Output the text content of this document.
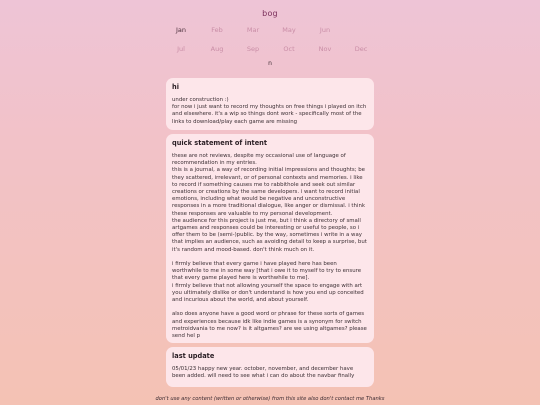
bog
Jan	Feb	Mar	May	Jun
Jul	Aug	Sep	Oct	Nov	Dec
n
hi

under construction :)
for now i just want to record my thoughts on free things i played on itch and elsewhere. it's a wip so things dont work - specifically most of the links to download/play each game are missing

quick statement of intent

these are not reviews, despite my occasional use of language of recommendation in my entries.
this is a journal, a way of recording initial impressions and thoughts; be they scattered, irrelevant, or of personal contexts and memories. i like to record if something causes me to rabbithole and seek out similar creations or creations by the same developers. i want to record initial emotions, including what would be negative and unconstructive responses in a more traditional dialogue, like anger or dismissal. i think these responses are valuable to my personal development.
the audience for this project is just me, but i think a directory of small artgames and responses could be interesting or useful to people, so i offer them to be (semi-)public. by the way, sometimes i write in a way that implies an audience, such as avoiding detail to keep a surprise, but it's random and mood-based. don't think much on it.

i firmly believe that every game i have played here has been worthwhile to me in some way [that i owe it to myself to try to ensure that every game played here is worthwhile to me].
i firmly believe that not allowing yourself the space to engage with art you ultimately dislike or don't understand is how you end up conceited and incurious about the world, and about yourself.

also does anyone have a good word or phrase for these sorts of games and experiences because idk like indie games is a synonym for switch metroidvania to me now? is it altgames? are we using altgames? please send hel p

last update

05/01/23 happy new year. october, november, and december have been added. will need to see what i can do about the navbar finally

don't use any content (written or otherwise) from this site also don't contact me Thanks
